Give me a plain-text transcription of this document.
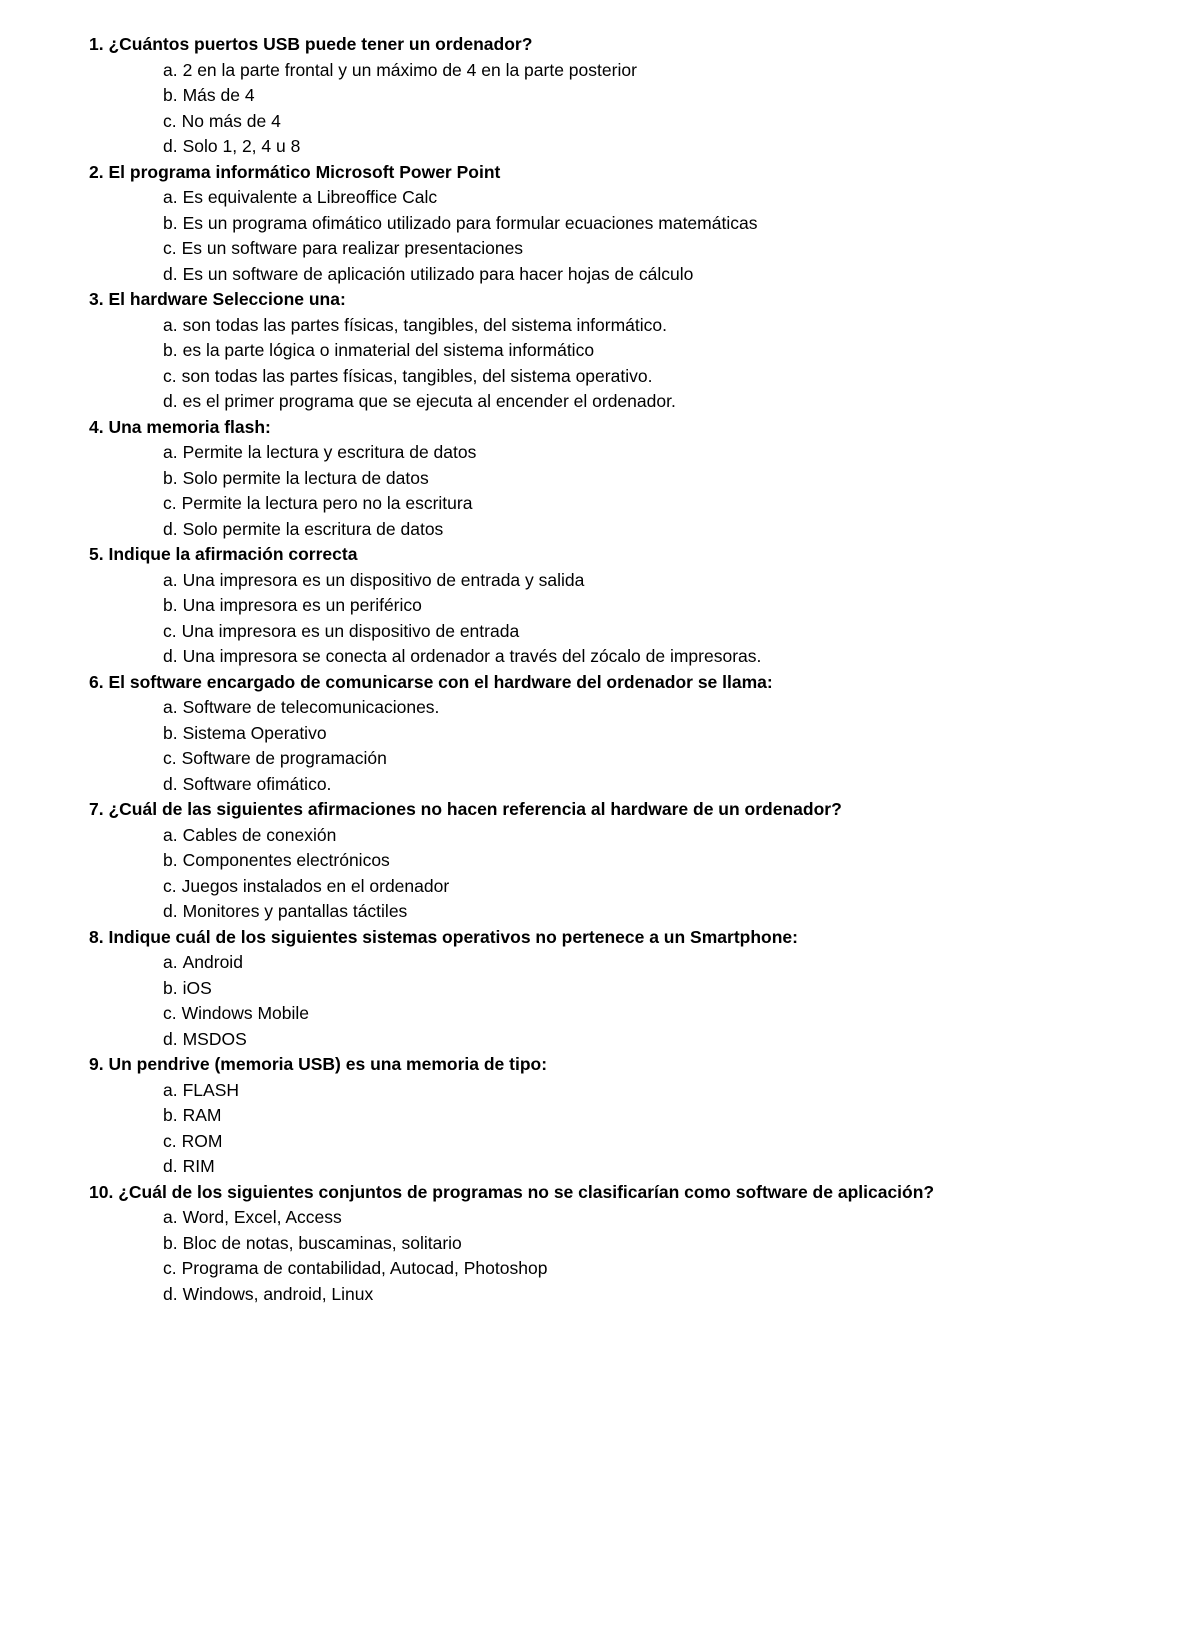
1. ¿Cuántos puertos USB puede tener un ordenador?
a. 2 en la parte frontal y un máximo de 4 en la parte posterior
b. Más de 4
c. No más de 4
d. Solo 1, 2, 4 u 8
2. El programa informático Microsoft Power Point
a. Es equivalente a Libreoffice Calc
b. Es un programa ofimático utilizado para formular ecuaciones matemáticas
c. Es un software para realizar presentaciones
d. Es un software de aplicación utilizado para hacer hojas de cálculo
3. El hardware Seleccione una:
a. son todas las partes físicas, tangibles, del sistema informático.
b. es la parte lógica o inmaterial del sistema informático
c. son todas las partes físicas, tangibles, del sistema operativo.
d. es el primer programa que se ejecuta al encender el ordenador.
4. Una memoria flash:
a. Permite la lectura y escritura de datos
b. Solo permite la lectura de datos
c. Permite la lectura pero no la escritura
d. Solo permite la escritura de datos
5. Indique la afirmación correcta
a. Una impresora es un dispositivo de entrada y salida
b. Una impresora es un periférico
c. Una impresora es un dispositivo de entrada
d. Una impresora se conecta al ordenador a través del zócalo de impresoras.
6. El software encargado de comunicarse con el hardware del ordenador se llama:
a. Software de telecomunicaciones.
b. Sistema Operativo
c. Software de programación
d. Software ofimático.
7. ¿Cuál de las siguientes afirmaciones no hacen referencia al hardware de un ordenador?
a. Cables de conexión
b. Componentes electrónicos
c. Juegos instalados en el ordenador
d. Monitores y pantallas táctiles
8. Indique cuál de los siguientes sistemas operativos no pertenece a un Smartphone:
a. Android
b. iOS
c. Windows Mobile
d. MSDOS
9. Un pendrive (memoria USB) es una memoria de tipo:
a. FLASH
b. RAM
c. ROM
d. RIM
10. ¿Cuál de los siguientes conjuntos de programas no se clasificarían como software de aplicación?
a. Word, Excel, Access
b. Bloc de notas, buscaminas, solitario
c. Programa de contabilidad, Autocad, Photoshop
d. Windows, android, Linux
